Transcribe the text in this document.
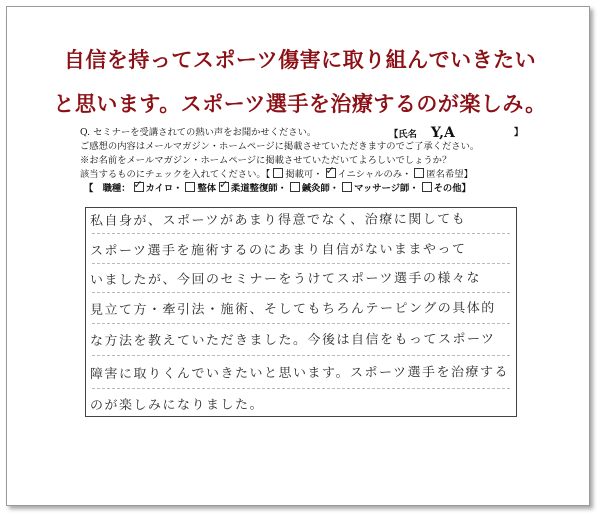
自信を持ってスポーツ傷害に取り組んでいきたい
と思います。スポーツ選手を治療するのが楽しみ。
Q. セミナーを受講されての熱い声をお聞かせください。	【氏名 Y,A	】
ご感想の内容はメールマガジン・ホームページに掲載させていただきますのでご了承ください。
※お名前をメールマガジン・ホームページに掲載させていただいてよろしいでしょうか？
該当するものにチェックを入れてください。【 掲載可・ ✓ イニシャルのみ・ 匿名希望】
【　職種： ✓ カイロ・ 整体 ✓ 柔道整復師・ 鍼灸師・ マッサージ師・ その他】
私自身が、スポーツがあまり得意でなく、治療に関しても
スポーツ選手を施術するのにあまり自信がないままやって
いましたが、今回のセミナーをうけてスポーツ選手の様々な
見立て方・牽引法・施術、そしてもちろんテーピングの具体的
な方法を教えていただきました。今後は自信をもってスポーツ
障害に取りくんでいきたいと思います。スポーツ選手を治療する
のが楽しみになりました。
